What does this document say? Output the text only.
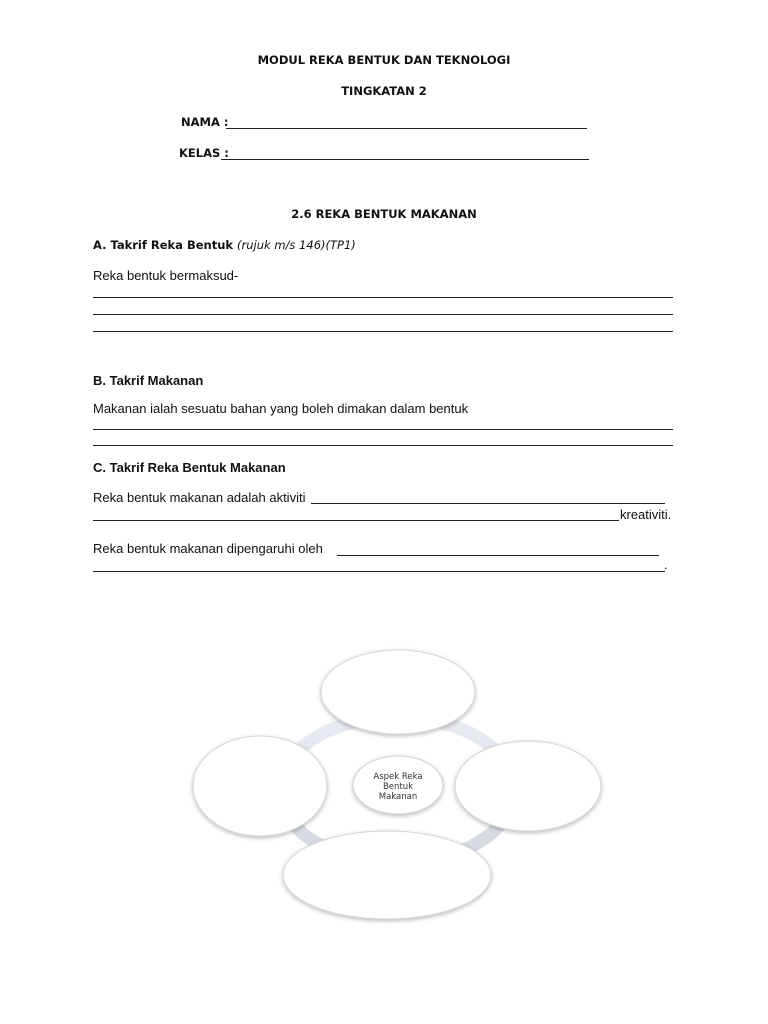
MODUL REKA BENTUK DAN TEKNOLOGI
TINGKATAN 2
NAMA :
KELAS :
2.6 REKA BENTUK MAKANAN
A. Takrif Reka Bentuk (rujuk m/s 146)(TP1)
Reka bentuk bermaksud-
B. Takrif Makanan
Makanan ialah sesuatu bahan yang boleh dimakan dalam bentuk
C. Takrif Reka Bentuk Makanan
Reka bentuk makanan adalah aktiviti
kreativiti.
Reka bentuk makanan dipengaruhi oleh
.
Aspek Reka
Bentuk
Makanan
